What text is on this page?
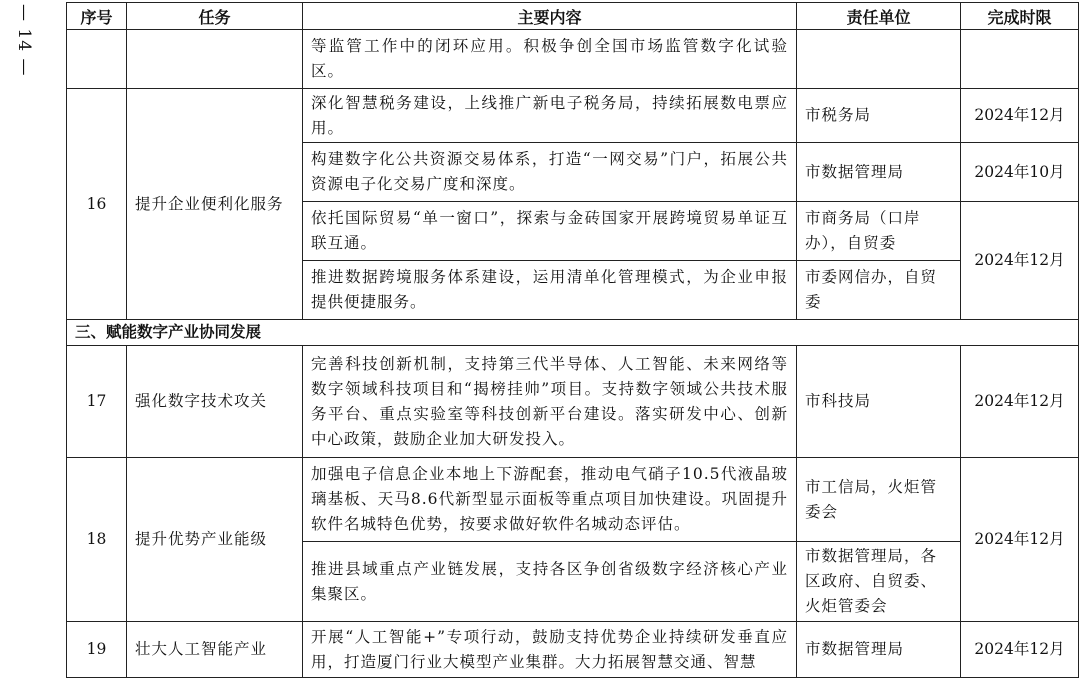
— 14 —	序号	任务	主要内容	责任单位	完成时限
		等监管工作中的闭环应用。积极争创全国市场监管数字化试验区。		
16	提升企业便利化服务	深化智慧税务建设，上线推广新电子税务局，持续拓展数电票应用。	市税务局	2024年12月
		构建数字化公共资源交易体系，打造“一网交易”门户，拓展公共资源电子化交易广度和深度。	市数据管理局	2024年10月
		依托国际贸易“单一窗口”，探索与金砖国家开展跨境贸易单证互联互通。	市商务局（口岸办），自贸委	2024年12月
		推进数据跨境服务体系建设，运用清单化管理模式，为企业申报提供便捷服务。	市委网信办，自贸委	
三、赋能数字产业协同发展				
17	强化数字技术攻关	完善科技创新机制，支持第三代半导体、人工智能、未来网络等数字领域科技项目和“揭榜挂帅”项目。支持数字领域公共技术服务平台、重点实验室等科技创新平台建设。落实研发中心、创新中心政策，鼓励企业加大研发投入。	市科技局	2024年12月
18	提升优势产业能级	加强电子信息企业本地上下游配套，推动电气硝子10.5代液晶玻璃基板、天马8.6代新型显示面板等重点项目加快建设。巩固提升软件名城特色优势，按要求做好软件名城动态评估。	市工信局，火炬管委会	2024年12月
		推进县域重点产业链发展，支持各区争创省级数字经济核心产业集聚区。	市数据管理局，各区政府、自贸委、火炬管委会	
19	壮大人工智能产业	开展“人工智能+”专项行动，鼓励支持优势企业持续研发垂直应用，打造厦门行业大模型产业集群。大力拓展智慧交通、智慧	市数据管理局	2024年12月
